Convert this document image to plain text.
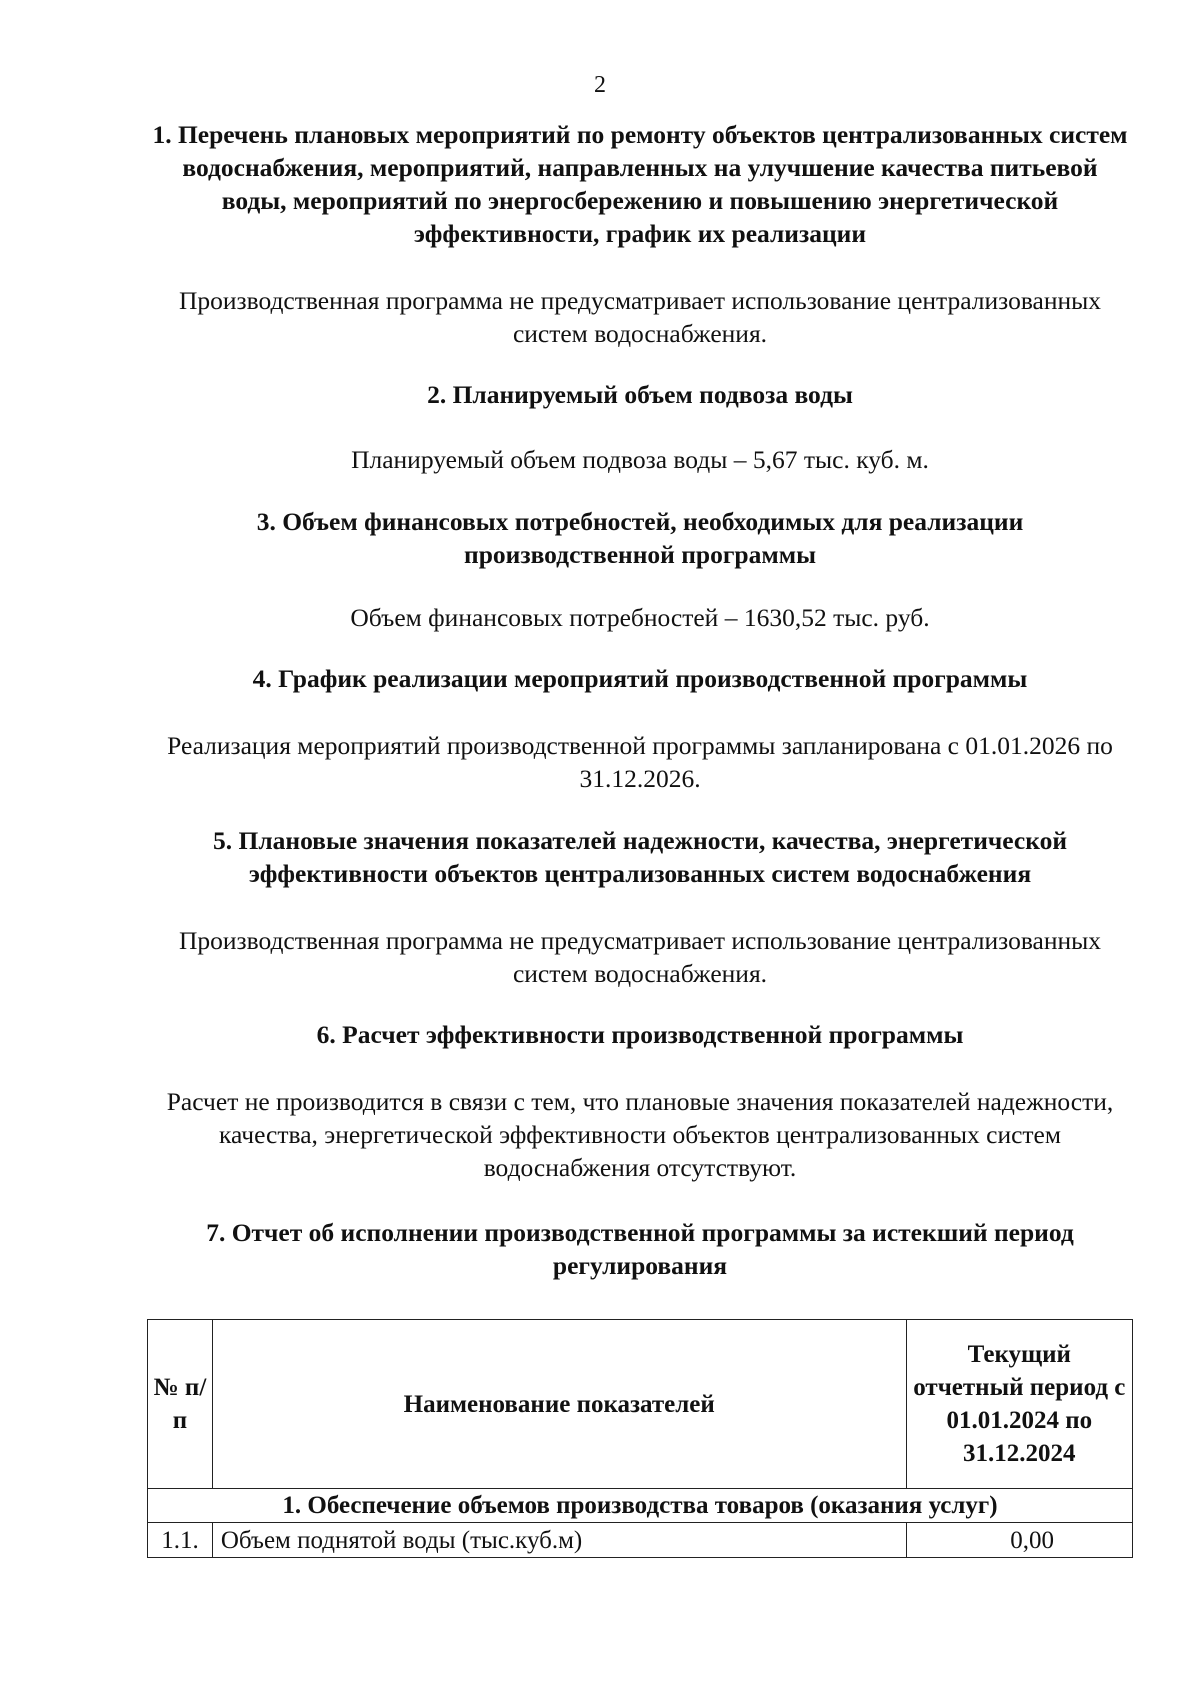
2
1. Перечень плановых мероприятий по ремонту объектов централизованных систем водоснабжения, мероприятий, направленных на улучшение качества питьевой воды, мероприятий по энергосбережению и повышению энергетической эффективности, график их реализации

Производственная программа не предусматривает использование централизованных систем водоснабжения.

2. Планируемый объем подвоза воды

Планируемый объем подвоза воды – 5,67 тыс. куб. м.

3. Объем финансовых потребностей, необходимых для реализации производственной программы

Объем финансовых потребностей – 1630,52 тыс. руб.

4. График реализации мероприятий производственной программы

Реализация мероприятий производственной программы запланирована с 01.01.2026 по 31.12.2026.

5. Плановые значения показателей надежности, качества, энергетической эффективности объектов централизованных систем водоснабжения

Производственная программа не предусматривает использование централизованных систем водоснабжения.

6. Расчет эффективности производственной программы

Расчет не производится в связи с тем, что плановые значения показателей надежности, качества, энергетической эффективности объектов централизованных систем водоснабжения отсутствуют.

7. Отчет об исполнении производственной программы за истекший период регулирования
№ п/п	Наименование показателей	Текущий отчетный период с 01.01.2024 по 31.12.2024
1. Обеспечение объемов производства товаров (оказания услуг)		
1.1.	Объем поднятой воды (тыс.куб.м)	0,00
